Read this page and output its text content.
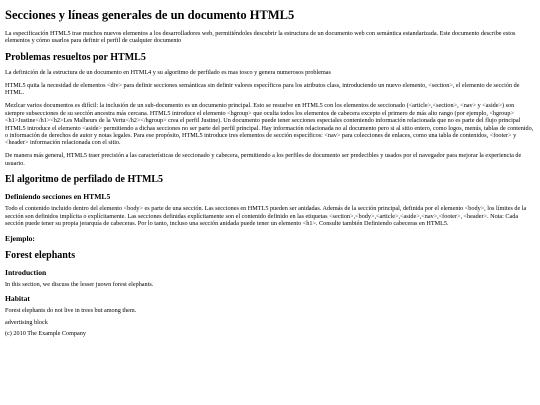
Secciones y líneas generales de un documento HTML5

La especificación HTML5 trae muchos nuevos elementos a los desarrolladores web, permitiéndoles descubrir la estructura de un documento web con semántica estandarizada. Este documento describe estos elementos y cómo usarlos para definir el perfil de cualquier documento

Problemas resueltos por HTML5

La definición de la estructura de un documento en HTML4 y su algoritmo de perfilado es mas tosco y genera numerosos problemas

HTML5 quita la necesidad de elementos <div> para definir secciones semánticas sin definir valores específicos para los atributos class, introduciendo un nuevo elemento, <section>, el elemento de sección de HTML.

Mezlcar varios documentos es difícil: la inclusión de un sub-documento es un documento principal. Esto se resuelve en HTML5 con los elementos de seccionado (<article>,<section>, <nav> y <aside>) son siempre subsecciones de su sección ancestra más cercana. HTML5 introduce el elemento <hgroup> que oculta todos los elementos de cabecera excepto el primero de más alto rango (por ejemplo, <hgroup><h1>Justine</h1><h2>Les Malheurs de la Vertu</h2></hgroup> crea el perfil Justine). Un documento puede tener secciones especiales conteniendo información relacionada que no es parte del flujo principal HTML5 introduce el elemento <aside> permitiendo a dichas secciones no ser parte del perfil principal. Hay información relacionada no al documento pero si al sitio entero, como logos, menús, tablas de contenido, o información de derechos de autor y notas legales. Para ese propósito, HTML5 introduce tres elementos de sección específicos: <nav> para colecciones de enlaces, como una tabla de contenidos, <footer> y <header> información relacionada con el sitio.

De manera más general, HTML5 traer precisión a las características de seccionado y cabecera, permitiendo a los perfiles de documento ser predecibles y usados por el navegador para mejorar la experiencia de usuario.

El algoritmo de perfilado de HTML5
Definiendo secciones en HTML5

Todo el contenido incluido dentro del elemento <body> es parte de una sección. Las secciones en HMTL5 pueden ser anidadas. Además de la sección principal, definida por el elemento <body>, los límites de la sección son definidos implícita o explícitamente. Las secciones definidas explícitamente son el contenido definido en las etiquetas <section>,<body>,<article>,<aside>,<nav>,<footer>, <header>. Nota: Cada sección puede tener su propia jerarquía de cabeceras. Por lo tanto, incluso una sección anidada puede tener un elemento <h1>. Consulte también Definiendo cabeceras en HTML5.

Ejemplo:
Forest elephants
Introduction

In this section, we discuss the lesser juown forest elephants.

Habitat

Forest elephants do not live in trees but among them.

advertising block

(c) 2010 The Example Company
